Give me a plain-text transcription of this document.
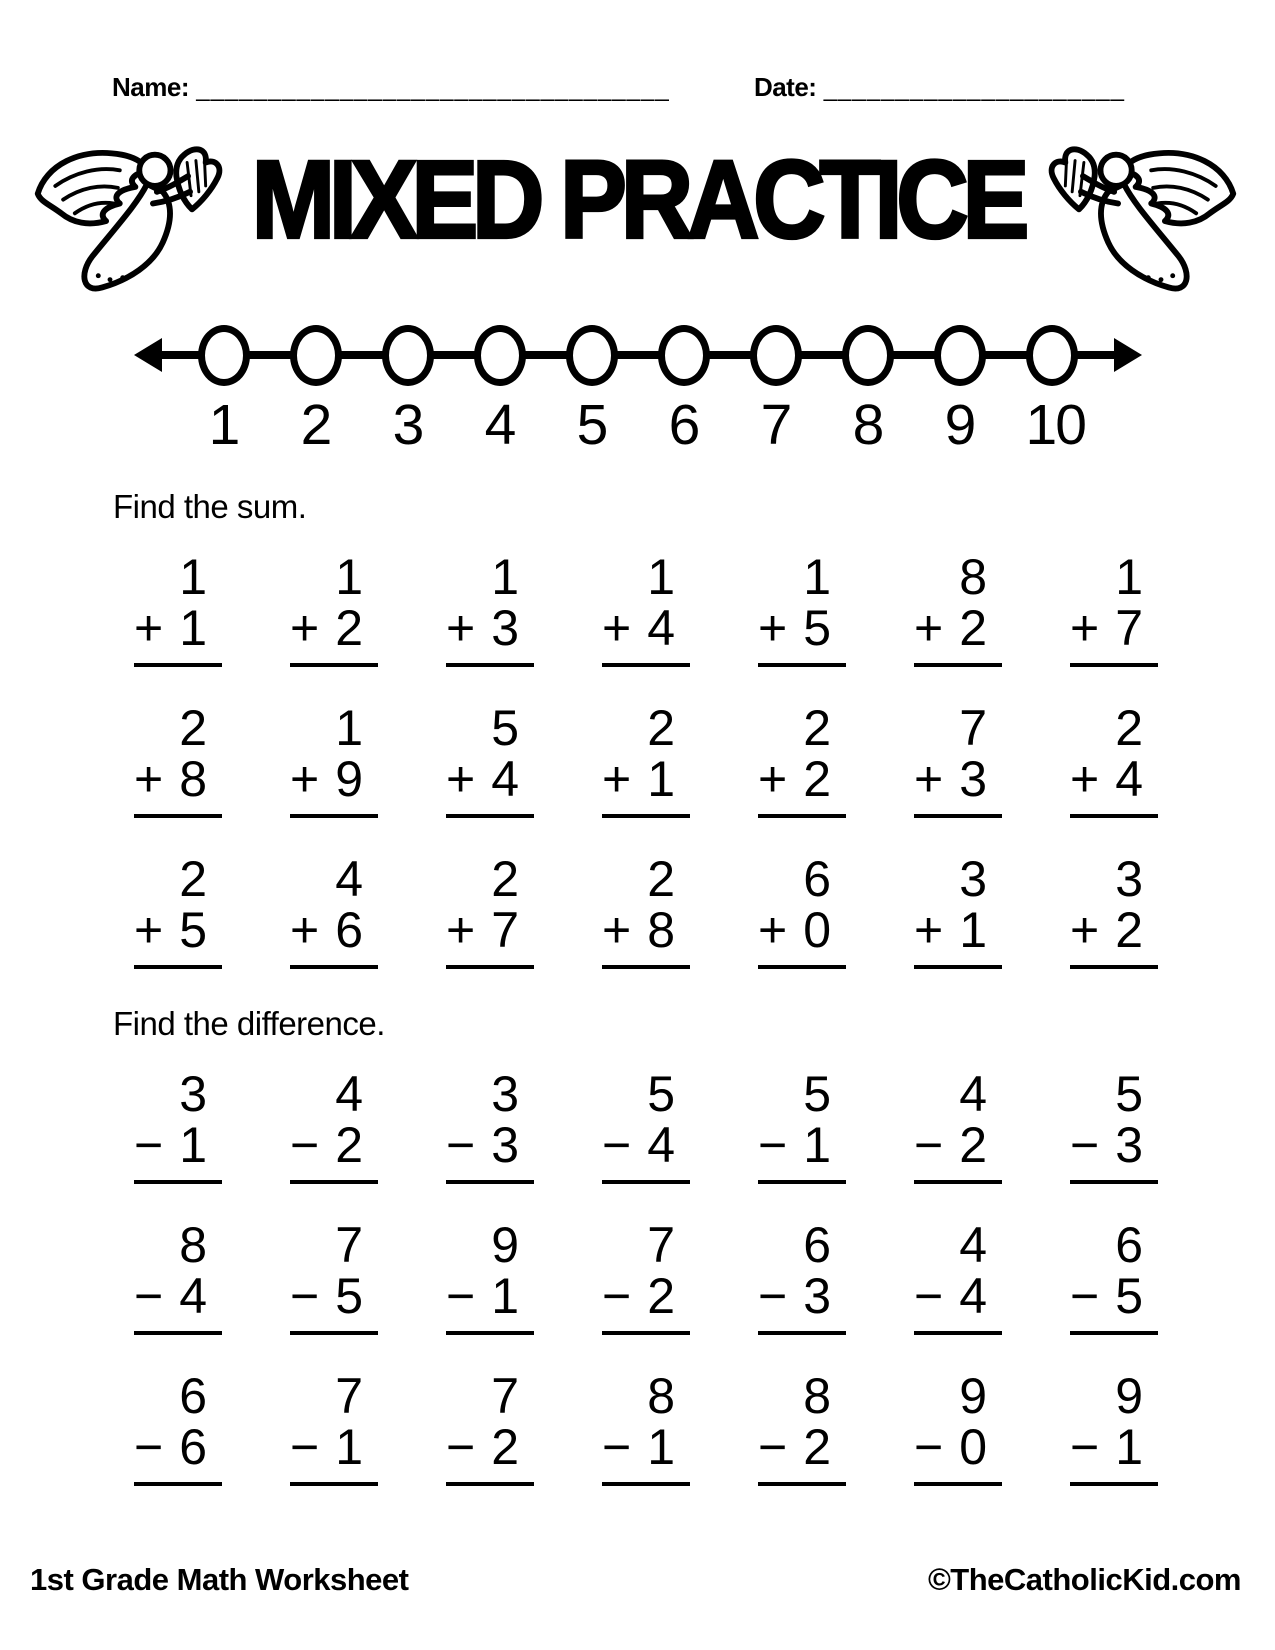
Name: _________________________________	Date: _____________________
MIXED PRACTICE
1 2 3 4 5 6 7 8 9 10
Find the sum.
1
+ 1
1
+ 2
1
+ 3
1
+ 4
1
+ 5
8
+ 2
1
+ 7
2
+ 8
1
+ 9
5
+ 4
2
+ 1
2
+ 2
7
+ 3
2
+ 4
2
+ 5
4
+ 6
2
+ 7
2
+ 8
6
+ 0
3
+ 1
3
+ 2
Find the difference.
3
− 1
4
− 2
3
− 3
5
− 4
5
− 1
4
− 2
5
− 3
8
− 4
7
− 5
9
− 1
7
− 2
6
− 3
4
− 4
6
− 5
6
− 6
7
− 1
7
− 2
8
− 1
8
− 2
9
− 0
9
− 1
1st Grade Math Worksheet	©TheCatholicKid.com
